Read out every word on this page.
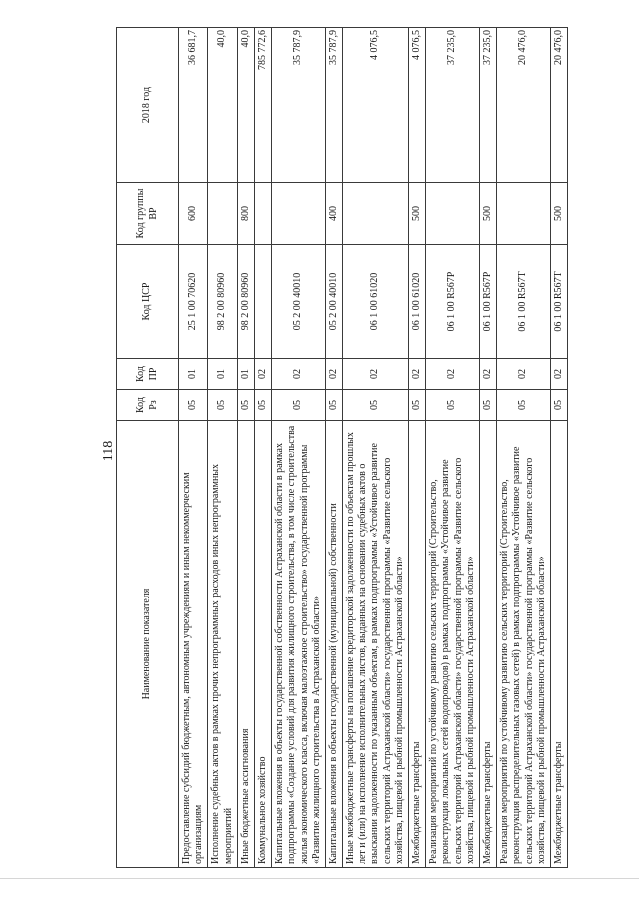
118
Наименование показателя	Код Рз	Код ПР	Код ЦСР	Код группы ВР	2018 год
Предоставление субсидий бюджетным, автономным учреждениям и иным некоммерческим организациям	05	01	25 1 00 70620	600	36 681,7
Исполнение судебных актов в рамках прочих непрограммных расходов иных непрограммных мероприятий	05	01	98 2 00 80960		40,0
Иные бюджетные ассигнования	05	01	98 2 00 80960	800	40,0
Коммунальное хозяйство	05	02			785 772,6
Капитальные вложения в объекты государственной собственности Астраханской области в рамках подпрограммы «Создание условий для развития жилищного строительства, в том числе строительства жилья экономического класса, включая малоэтажное строительство» государственной программы «Развитие жилищного строительства в Астраханской области»	05	02	05 2 00 40010		35 787,9
Капитальные вложения в объекты государственной (муниципальной) собственности	05	02	05 2 00 40010	400	35 787,9
Иные межбюджетные трансферты на погашение кредиторской задолженности по объектам прошлых лет и (или) на исполнение исполнительных листов, выданных на основании судебных актов о взыскании задолженности по указанным объектам, в рамках подпрограммы «Устойчивое развитие сельских территорий Астраханской области» государственной программы «Развитие сельского хозяйства, пищевой и рыбной промышленности Астраханской области»	05	02	06 1 00 61020		4 076,5
Межбюджетные трансферты	05	02	06 1 00 61020	500	4 076,5
Реализация мероприятий по устойчивому развитию сельских территорий (Строительство, реконструкция локальных сетей водопроводов) в рамках подпрограммы «Устойчивое развитие сельских территорий Астраханской области» государственной программы «Развитие сельского хозяйства, пищевой и рыбной промышленности Астраханской области»	05	02	06 1 00 R567P		37 235,0
Межбюджетные трансферты	05	02	06 1 00 R567P	500	37 235,0
Реализация мероприятий по устойчивому развитию сельских территорий (Строительство, реконструкция распределительных газовых сетей) в рамках подпрограммы «Устойчивое развитие сельских территорий Астраханской области» государственной программы «Развитие сельского хозяйства, пищевой и рыбной промышленности Астраханской области»	05	02	06 1 00 R567T		20 476,0
Межбюджетные трансферты	05	02	06 1 00 R567T	500	20 476,0
